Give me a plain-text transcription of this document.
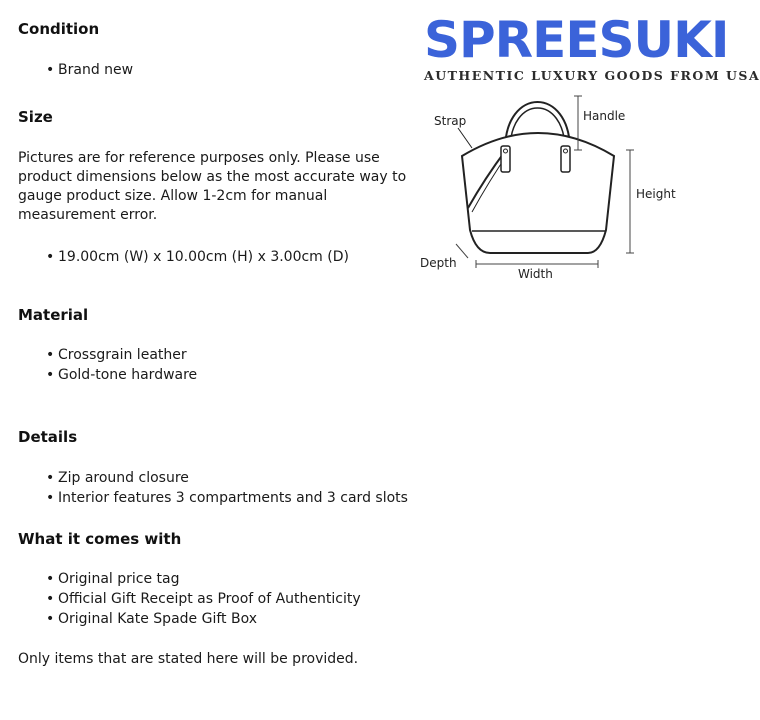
Condition
• Brand new
Size

Pictures are for reference purposes only. Please use product dimensions below as the most accurate way to gauge product size. Allow 1-2cm for manual measurement error.

• 19.00cm (W) x 10.00cm (H) x 3.00cm (D)
Material
• Crossgrain leather
• Gold-tone hardware
Details
• Zip around closure
• Interior features 3 compartments and 3 card slots
What it comes with
• Original price tag
• Official Gift Receipt as Proof of Authenticity
• Original Kate Spade Gift Box

Only items that are stated here will be provided.

SPREESUKI
AUTHENTIC LUXURY GOODS FROM USA
Strap	Handle
Height
Width
Depth
